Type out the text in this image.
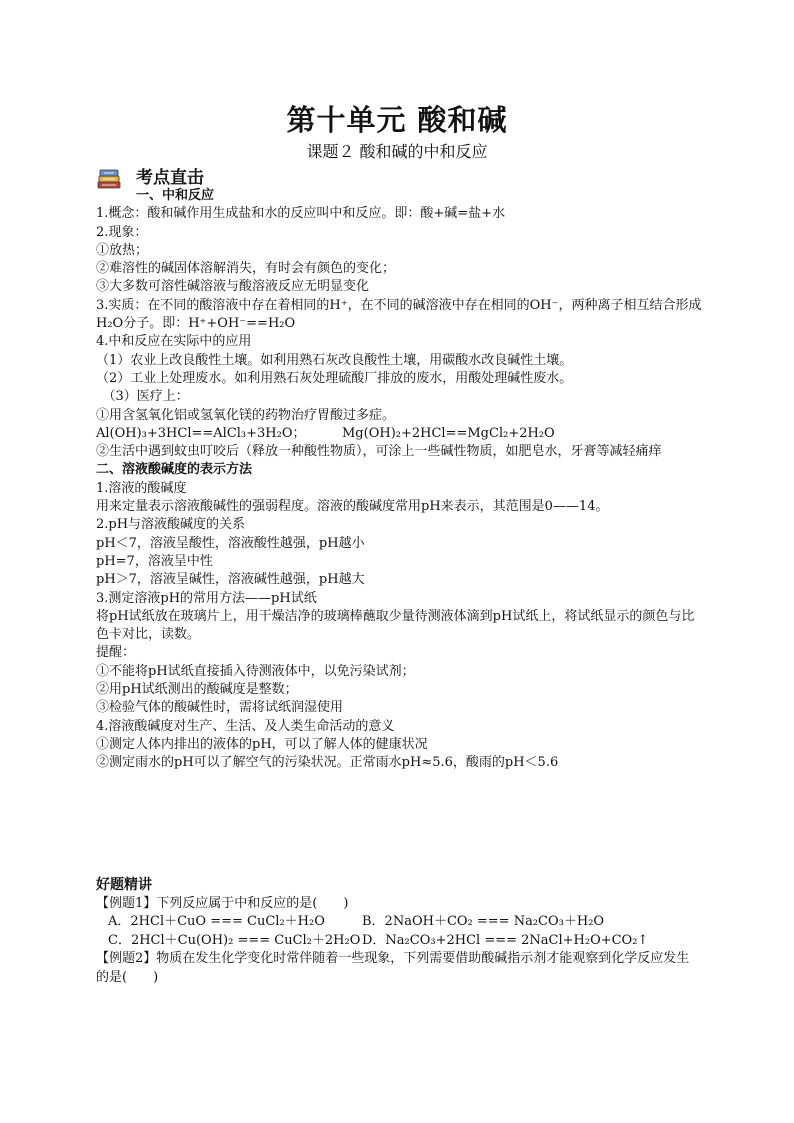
第十单元 酸和碱
课题２ 酸和碱的中和反应
考点直击

一、中和反应

1.概念：酸和碱作用生成盐和水的反应叫中和反应。即：酸+碱=盐+水

2.现象：

①放热；

②难溶性的碱固体溶解消失，有时会有颜色的变化；

③大多数可溶性碱溶液与酸溶液反应无明显变化

3.实质：在不同的酸溶液中存在着相同的H⁺，在不同的碱溶液中存在相同的OH⁻，两种离子相互结合形成H₂O分子。即：H⁺+OH⁻==H₂O

4.中和反应在实际中的应用

（1）农业上改良酸性土壤。如利用熟石灰改良酸性土壤，用碳酸水改良碱性土壤。

（2）工业上处理废水。如利用熟石灰处理硫酸厂排放的废水，用酸处理碱性废水。

　（3）医疗上：

①用含氢氧化铝或氢氧化镁的药物治疗胃酸过多症。

Al(OH)₃+3HCl==AlCl₃+3H₂O；	Mg(OH)₂+2HCl==MgCl₂+2H₂O

②生活中遇到蚊虫叮咬后（释放一种酸性物质），可涂上一些碱性物质，如肥皂水，牙膏等减轻痛痒

二、溶液酸碱度的表示方法

1.溶液的酸碱度

用来定量表示溶液酸碱性的强弱程度。溶液的酸碱度常用pH来表示，其范围是0——14。

2.pH与溶液酸碱度的关系

pH＜7，溶液呈酸性，溶液酸性越强，pH越小

pH=7，溶液呈中性

pH＞7，溶液呈碱性，溶液碱性越强，pH越大

3.测定溶液pH的常用方法——pH试纸

将pH试纸放在玻璃片上，用干燥洁净的玻璃棒蘸取少量待测液体滴到pH试纸上，将试纸显示的颜色与比色卡对比，读数。

提醒：

①不能将pH试纸直接插入待测液体中，以免污染试剂；

②用pH试纸测出的酸碱度是整数；

③检验气体的酸碱性时，需将试纸润湿使用

4.溶液酸碱度对生产、生活、及人类生命活动的意义

①测定人体内排出的液体的pH，可以了解人体的健康状况

②测定雨水的pH可以了解空气的污染状况。正常雨水pH≈5.6，酸雨的pH＜5.6

好题精讲

【例题1】下列反应属于中和反应的是(　　)

A．2HCl＋CuO === CuCl₂＋H₂O	B．2NaOH＋CO₂ === Na₂CO₃＋H₂O
C．2HCl＋Cu(OH)₂ === CuCl₂＋2H₂O D．Na₂CO₃+2HCl === 2NaCl+H₂O+CO₂↑

【例题2】物质在发生化学变化时常伴随着一些现象，下列需要借助酸碱指示剂才能观察到化学反应发生的是(　　)
